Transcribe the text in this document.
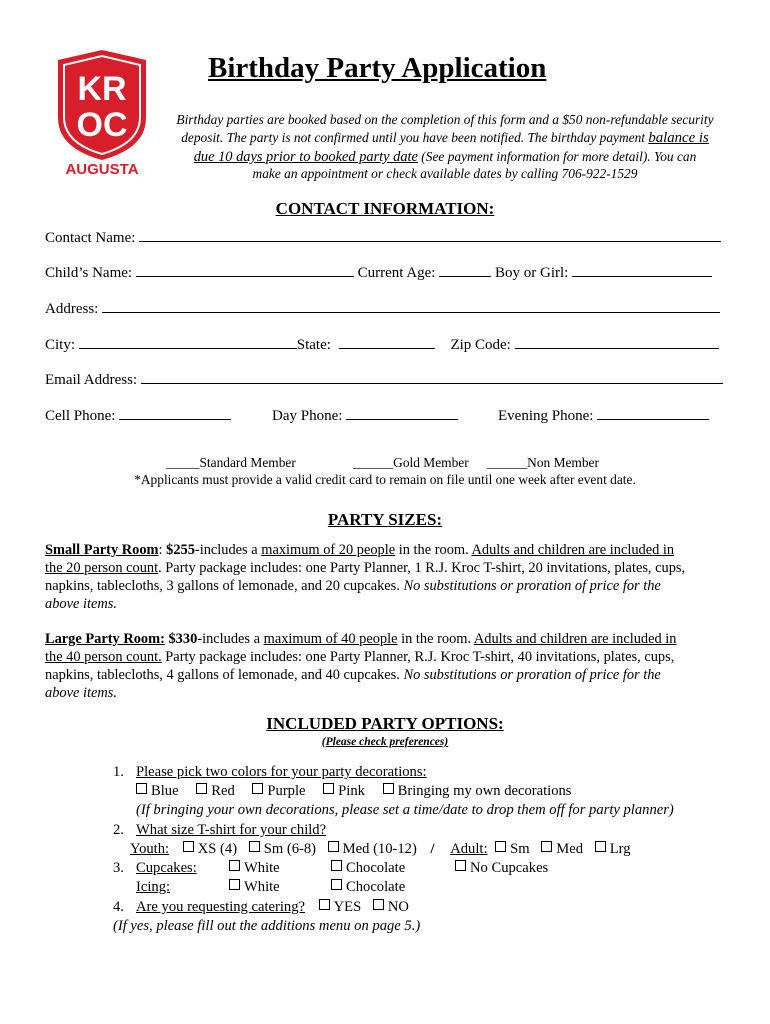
KR
OC
AUGUSTA
Birthday Party Application
Birthday parties are booked based on the completion of this form and a $50 non-refundable security
deposit. The party is not confirmed until you have been notified. The birthday payment balance is
due 10 days prior to booked party date (See payment information for more detail). You can
make an appointment or check available dates by calling 706-922-1529
CONTACT INFORMATION:
Contact Name:
Child’s Name:	Current Age:	Boy or Girl:
Address:
City:	State:	Zip Code:
Email Address:
Cell Phone:	Day Phone:	Evening Phone:
_____Standard Member	______Gold Member ______Non Member
*Applicants must provide a valid credit card to remain on file until one week after event date.
PARTY SIZES:
Small Party Room: $255-includes a maximum of 20 people in the room. Adults and children are included in
the 20 person count. Party package includes: one Party Planner, 1 R.J. Kroc T-shirt, 20 invitations, plates, cups,
napkins, tablecloths, 3 gallons of lemonade, and 20 cupcakes. No substitutions or proration of price for the
above items.
Large Party Room: $330-includes a maximum of 40 people in the room. Adults and children are included in
the 40 person count. Party package includes: one Party Planner, R.J. Kroc T-shirt, 40 invitations, plates, cups,
napkins, tablecloths, 4 gallons of lemonade, and 40 cupcakes. No substitutions or proration of price for the
above items.
INCLUDED PARTY OPTIONS:
(Please check preferences)
1. Please pick two colors for your party decorations:
Blue Red Purple Pink Bringing my own decorations
(If bringing your own decorations, please set a time/date to drop them off for party planner)
2. What size T-shirt for your child?
Youth: XS (4) Sm (6-8) Med (10-12) / Adult: Sm Med Lrg
3. Cupcakes:	White	Chocolate	No Cupcakes
Icing:	White	Chocolate
4. Are you requesting catering? YES NO
(If yes, please fill out the additions menu on page 5.)
